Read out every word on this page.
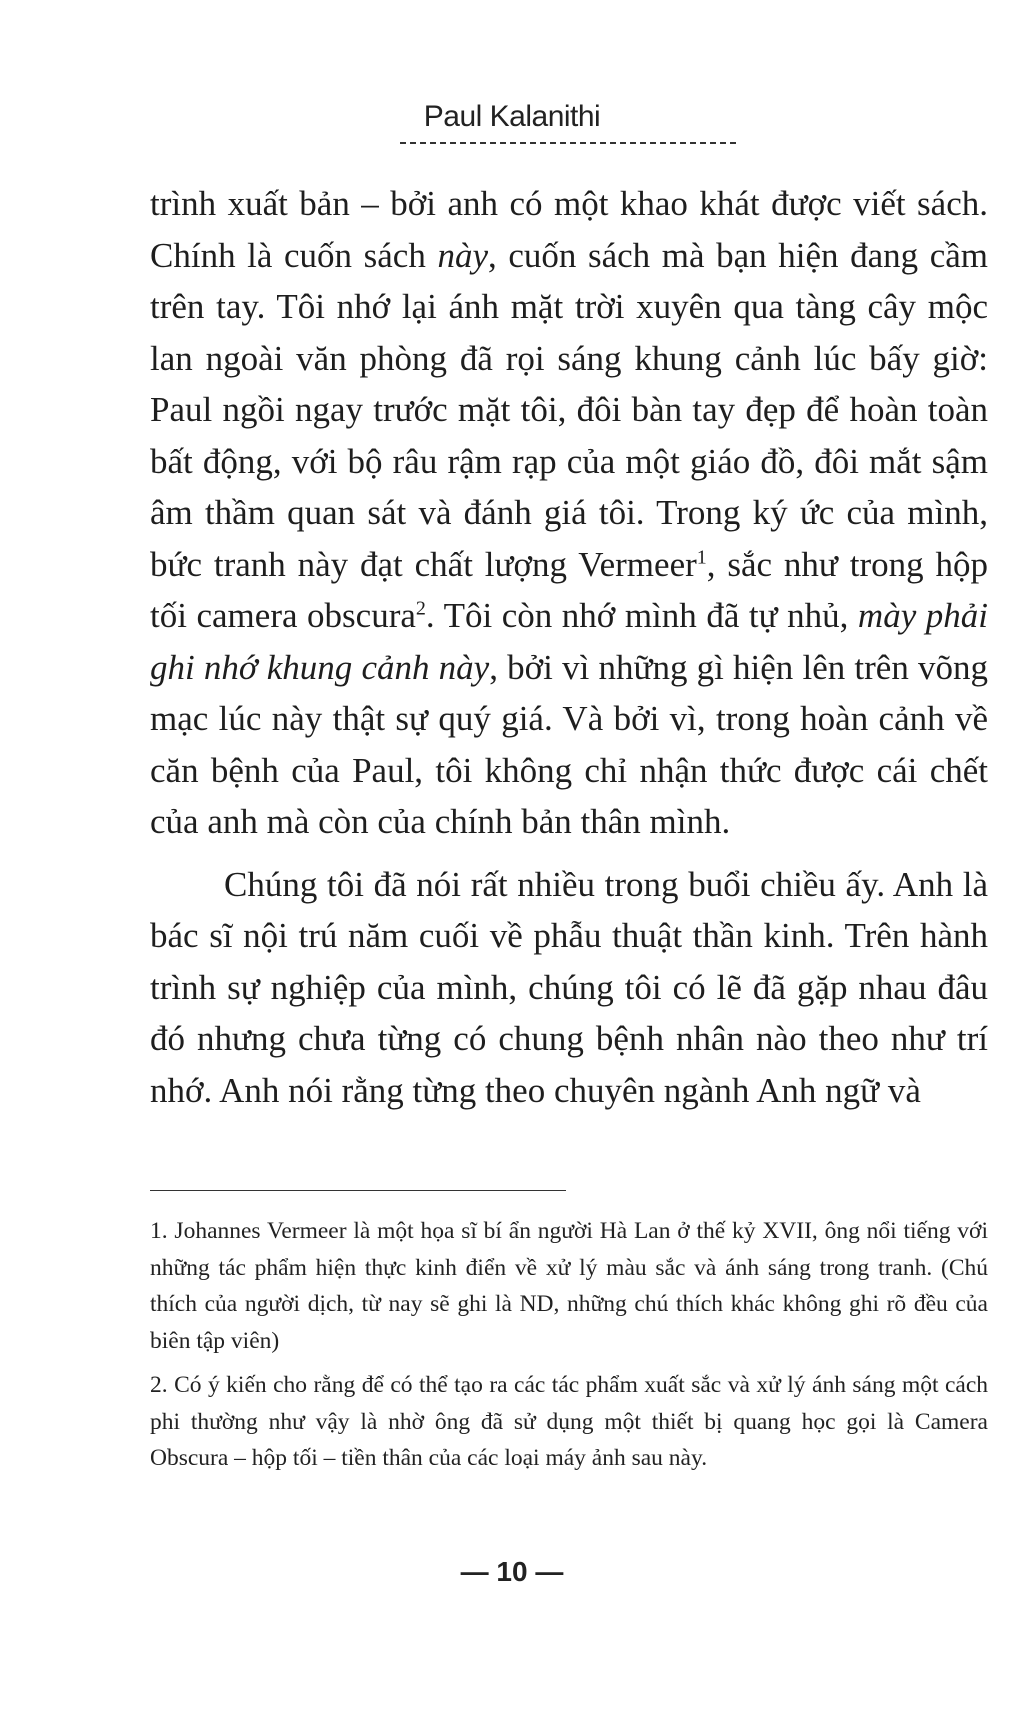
Paul Kalanithi

trình xuất bản – bởi anh có một khao khát được viết sách. Chính là cuốn sách này, cuốn sách mà bạn hiện đang cầm trên tay. Tôi nhớ lại ánh mặt trời xuyên qua tàng cây mộc lan ngoài văn phòng đã rọi sáng khung cảnh lúc bấy giờ: Paul ngồi ngay trước mặt tôi, đôi bàn tay đẹp để hoàn toàn bất động, với bộ râu rậm rạp của một giáo đồ, đôi mắt sậm âm thầm quan sát và đánh giá tôi. Trong ký ức của mình, bức tranh này đạt chất lượng Vermeer$^1$, sắc như trong hộp tối camera obscura$^2$. Tôi còn nhớ mình đã tự nhủ, mày phải ghi nhớ khung cảnh này, bởi vì những gì hiện lên trên võng mạc lúc này thật sự quý giá. Và bởi vì, trong hoàn cảnh về căn bệnh của Paul, tôi không chỉ nhận thức được cái chết của anh mà còn của chính bản thân mình.

Chúng tôi đã nói rất nhiều trong buổi chiều ấy. Anh là bác sĩ nội trú năm cuối về phẫu thuật thần kinh. Trên hành trình sự nghiệp của mình, chúng tôi có lẽ đã gặp nhau đâu đó nhưng chưa từng có chung bệnh nhân nào theo như trí nhớ. Anh nói rằng từng theo chuyên ngành Anh ngữ và

1. Johannes Vermeer là một họa sĩ bí ẩn người Hà Lan ở thế kỷ XVII, ông nổi tiếng với những tác phẩm hiện thực kinh điển về xử lý màu sắc và ánh sáng trong tranh. (Chú thích của người dịch, từ nay sẽ ghi là ND, những chú thích khác không ghi rõ đều của biên tập viên)

2. Có ý kiến cho rằng để có thể tạo ra các tác phẩm xuất sắc và xử lý ánh sáng một cách phi thường như vậy là nhờ ông đã sử dụng một thiết bị quang học gọi là Camera Obscura – hộp tối – tiền thân của các loại máy ảnh sau này.

— 10 —
